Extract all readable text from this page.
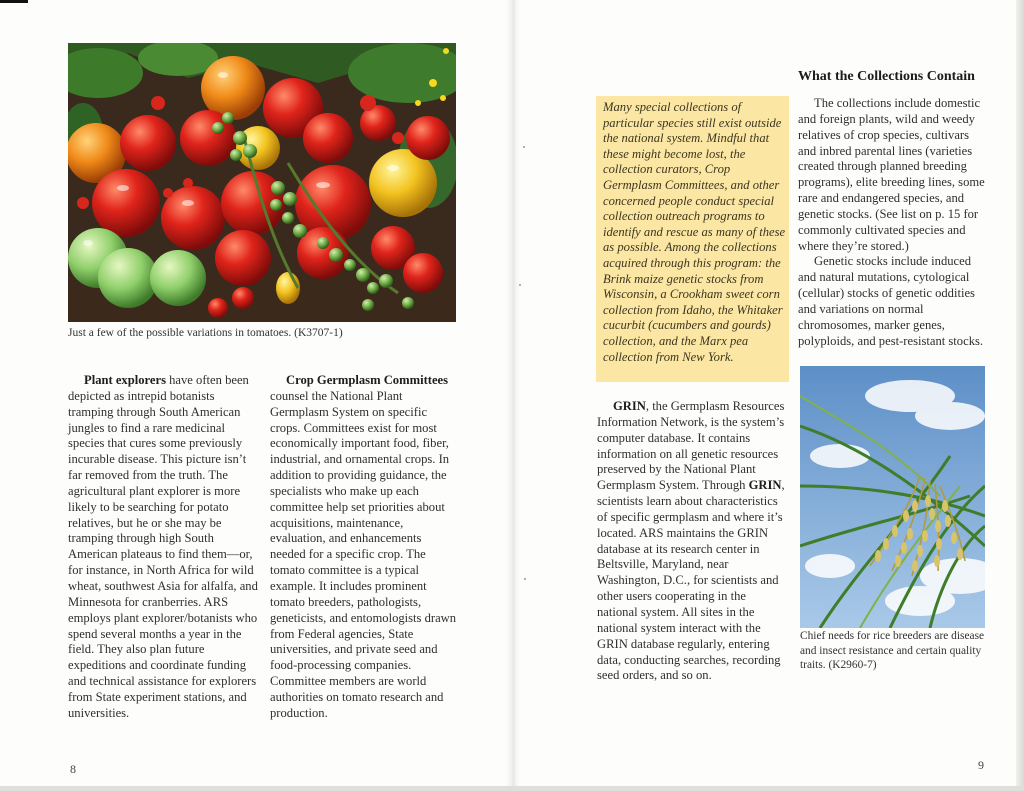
Just a few of the possible variations in tomatoes. (K3707-1)
Plant explorers have often been depicted as intrepid botanists tramping through South American jungles to find a rare medicinal species that cures some previously incurable disease. This picture isn’t far removed from the truth. The agricultural plant explorer is more likely to be searching for potato relatives, but he or she may be tramping through high South American plateaus to find them—or, for instance, in North Africa for wild wheat, southwest Asia for alfalfa, and Minnesota for cranberries. ARS employs plant explorer/botanists who spend several months a year in the field. They also plan future expeditions and coordinate funding and technical assistance for explorers from State experiment stations, and universities.
Crop Germplasm Committees
counsel the National Plant Germplasm System on specific crops. Committees exist for most economically important food, fiber, industrial, and ornamental crops. In addition to providing guidance, the specialists who make up each committee help set priorities about acquisitions, maintenance, evaluation, and enhancements needed for a specific crop. The tomato committee is a typical example. It includes prominent tomato breeders, pathologists, geneticists, and entomologists drawn from Federal agencies, State universities, and private seed and food-processing companies. Committee members are world authorities on tomato research and production.
8
Many special collections of particular species still exist outside the national system. Mindful that these might become lost, the collection curators, Crop Germplasm Committees, and other concerned people conduct special collection outreach programs to identify and rescue as many of these as possible. Among the collections acquired through this program: the Brink maize genetic stocks from Wisconsin, a Crookham sweet corn collection from Idaho, the Whitaker cucurbit (cucumbers and gourds) collection, and the Marx pea collection from New York.
What the Collections Contain

The collections include domestic and foreign plants, wild and weedy relatives of crop species, cultivars and inbred parental lines (varieties created through planned breeding programs), elite breeding lines, some rare and endangered species, and genetic stocks. (See list on p. 15 for commonly cultivated species and where they’re stored.)

Genetic stocks include induced and natural mutations, cytological (cellular) stocks of genetic oddities and variations on normal chromosomes, marker genes, polyploids, and pest-resistant stocks.

GRIN, the Germplasm Resources Information Network, is the system’s computer database. It contains information on all genetic resources preserved by the National Plant Germplasm System. Through GRIN, scientists learn about characteristics of specific germplasm and where it’s located. ARS maintains the GRIN database at its research center in Beltsville, Maryland, near Washington, D.C., for scientists and other users cooperating in the national system. All sites in the national system interact with the GRIN database regularly, entering data, conducting searches, recording seed orders, and so on.
Chief needs for rice breeders are disease and insect resistance and certain quality traits. (K2960-7)
9
